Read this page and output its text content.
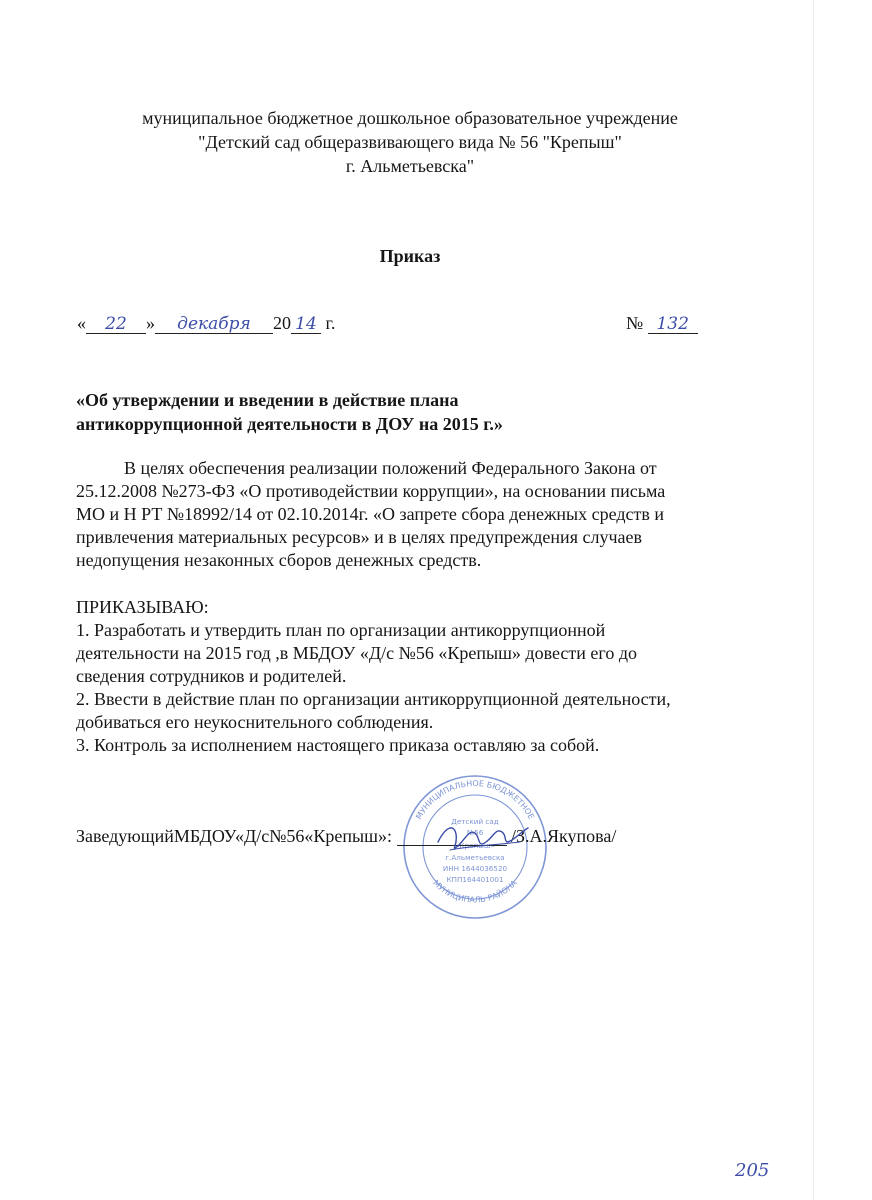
муниципальное бюджетное дошкольное образовательное учреждение
"Детский сад общеразвивающего вида № 56 "Крепыш"
г. Альметьевска"
Приказ
« 22 » декабря 20 14 г.	№ 132
«Об утверждении и введении в действие плана
антикоррупционной деятельности в ДОУ на 2015 г.»
В целях обеспечения реализации положений Федерального Закона от
25.12.2008 №273-ФЗ «О противодействии коррупции», на основании письма
МО и Н РТ №18992/14 от 02.10.2014г. «О запрете сбора денежных средств и
привлечения материальных ресурсов» и в целях предупреждения случаев
недопущения незаконных сборов денежных средств.
ПРИКАЗЫВАЮ:
1. Разработать и утвердить план по организации антикоррупционной
деятельности на 2015 год ,в МБДОУ «Д/с №56 «Крепыш» довести его до
сведения сотрудников и родителей.
2. Ввести в действие план по организации антикоррупционной деятельности,
добиваться его неукоснительного соблюдения.
3. Контроль за исполнением настоящего приказа оставляю за собой.
МУНИЦИПАЛЬНОЕ БЮДЖЕТНОЕ
МУНИЦИПАЛЬ РАЙОНА
Детский сад
№56
«Крепыш»
г.Альметьевска
ИНН 1644036520
КПП164401001
ЗаведующийМБДОУ«Д/с№56«Крепыш»:	/З.А.Якупова/
205
